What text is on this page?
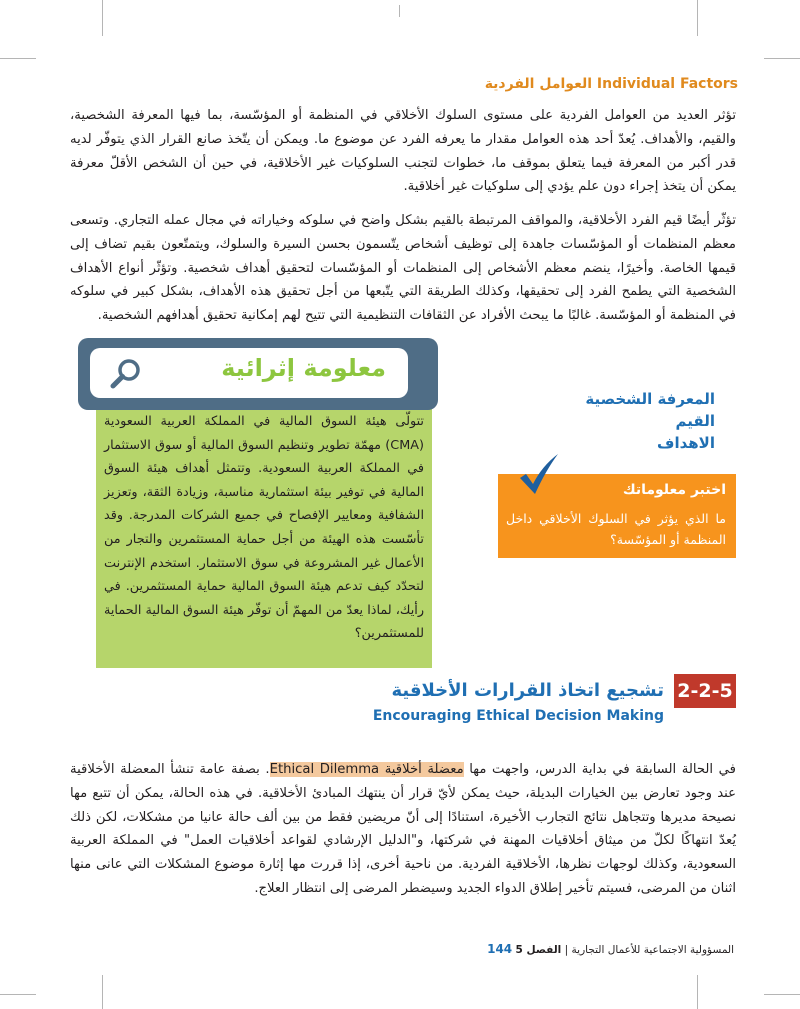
العوامل الفردية Individual Factors

تؤثر العديد من العوامل الفردية على مستوى السلوك الأخلاقي في المنظمة أو المؤسّسة، بما فيها المعرفة الشخصية، والقيم، والأهداف. يُعدّ أحد هذه العوامل مقدار ما يعرفه الفرد عن موضوع ما. ويمكن أن يتّخذ صانع القرار الذي يتوفّر لديه قدر أكبر من المعرفة فيما يتعلق بموقف ما، خطوات لتجنب السلوكيات غير الأخلاقية، في حين أن الشخص الأقلّ معرفة يمكن أن يتخذ إجراء دون علم يؤدي إلى سلوكيات غير أخلاقية.

تؤثّر أيضًا قيم الفرد الأخلاقية، والمواقف المرتبطة بالقيم بشكل واضح في سلوكه وخياراته في مجال عمله التجاري. وتسعى معظم المنظمات أو المؤسّسات جاهدة إلى توظيف أشخاص يتّسمون بحسن السيرة والسلوك، ويتمتّعون بقيم تضاف إلى قيمها الخاصة. وأخيرًا، ينضم معظم الأشخاص إلى المنظمات أو المؤسّسات لتحقيق أهداف شخصية. وتؤثّر أنواع الأهداف الشخصية التي يطمح الفرد إلى تحقيقها، وكذلك الطريقة التي يتّبعها من أجل تحقيق هذه الأهداف، بشكل كبير في سلوكه في المنظمة أو المؤسّسة. غالبًا ما يبحث الأفراد عن الثقافات التنظيمية التي تتيح لهم إمكانية تحقيق أهدافهم الشخصية.

تتولّى هيئة السوق المالية في المملكة العربية السعودية (CMA) مهمّة تطوير وتنظيم السوق المالية أو سوق الاستثمار في المملكة العربية السعودية. وتتمثل أهداف هيئة السوق المالية في توفير بيئة استثمارية مناسبة، وزيادة الثقة، وتعزيز الشفافية ومعايير الإفصاح في جميع الشركات المدرجة. وقد تأسّست هذه الهيئة من أجل حماية المستثمرين والتجار من الأعمال غير المشروعة في سوق الاستثمار. استخدم الإنترنت لتحدّد كيف تدعم هيئة السوق المالية حماية المستثمرين. في رأيك، لماذا يعدّ من المهمّ أن توفّر هيئة السوق المالية الحماية للمستثمرين؟

معلومة إثرائية
المعرفة الشخصية
القيم
الاهداف
اختبر معلوماتك

ما الذي يؤثر في السلوك الأخلاقي داخل المنظمة أو المؤسّسة؟

2-2-5
تشجيع اتخاذ القرارات الأخلاقية
Encouraging Ethical Decision Making

في الحالة السابقة في بداية الدرس، واجهت مها معضلة أخلاقية Ethical Dilemma. بصفة عامة تنشأ المعضلة الأخلاقية عند وجود تعارض بين الخيارات البديلة، حيث يمكن لأيّ قرار أن ينتهك المبادئ الأخلاقية. في هذه الحالة، يمكن أن تتبع مها نصيحة مديرها وتتجاهل نتائج التجارب الأخيرة، استنادًا إلى أنّ مريضين فقط من بين ألف حالة عانيا من مشكلات، لكن ذلك يُعدّ انتهاكًا لكلّ من ميثاق أخلاقيات المهنة في شركتها، و"الدليل الإرشادي لقواعد أخلاقيات العمل" في المملكة العربية السعودية، وكذلك لوجهات نظرها، الأخلاقية الفردية. من ناحية أخرى، إذا قررت مها إثارة موضوع المشكلات التي عانى منها اثنان من المرضى، فسيتم تأخير إطلاق الدواء الجديد وسيضطر المرضى إلى انتظار العلاج.

المسؤولية الاجتماعية للأعمال التجارية | الفصل 5 144
